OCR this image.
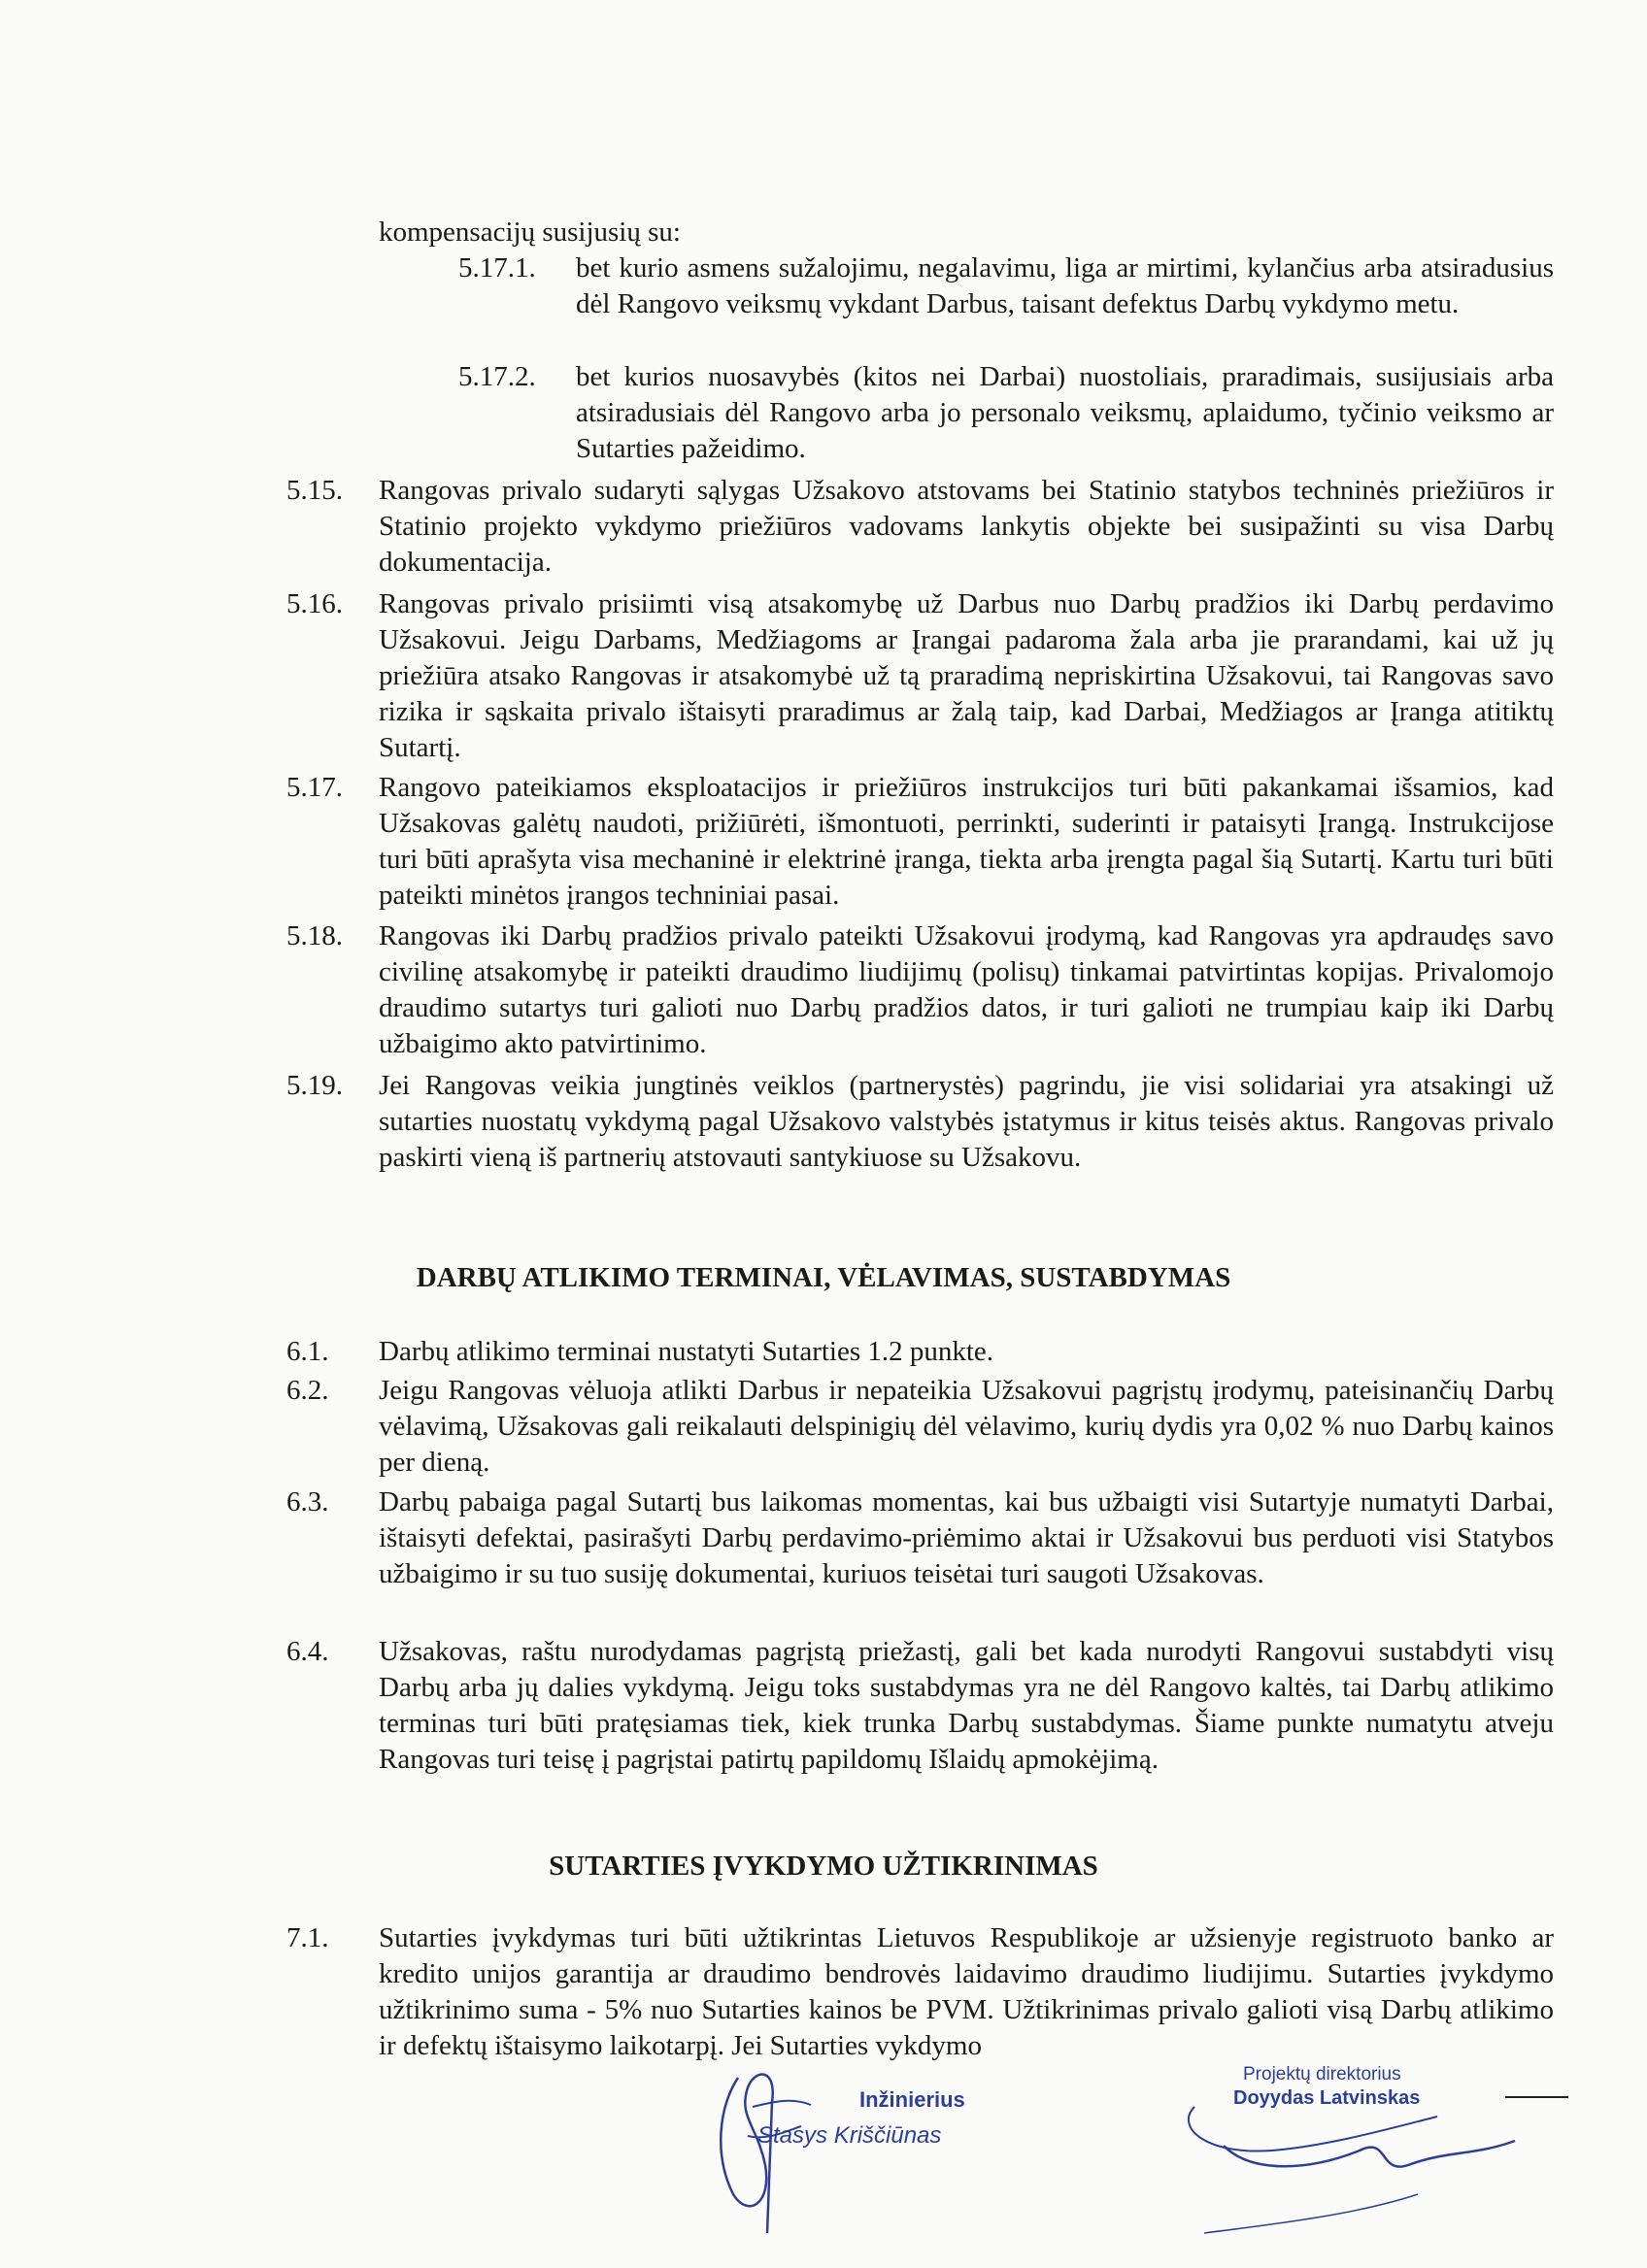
kompensacijų susijusių su:

5.17.1. bet kurio asmens sužalojimu, negalavimu, liga ar mirtimi, kylančius arba atsiradusius dėl Rangovo veiksmų vykdant Darbus, taisant defektus Darbų vykdymo metu.

5.17.2. bet kurios nuosavybės (kitos nei Darbai) nuostoliais, praradimais, susijusiais arba atsiradusiais dėl Rangovo arba jo personalo veiksmų, aplaidumo, tyčinio veiksmo ar Sutarties pažeidimo.

5.15. Rangovas privalo sudaryti sąlygas Užsakovo atstovams bei Statinio statybos techninės priežiūros ir Statinio projekto vykdymo priežiūros vadovams lankytis objekte bei susipažinti su visa Darbų dokumentacija.

5.16. Rangovas privalo prisiimti visą atsakomybę už Darbus nuo Darbų pradžios iki Darbų perdavimo Užsakovui. Jeigu Darbams, Medžiagoms ar Įrangai padaroma žala arba jie prarandami, kai už jų priežiūra atsako Rangovas ir atsakomybė už tą praradimą nepriskirtina Užsakovui, tai Rangovas savo rizika ir sąskaita privalo ištaisyti praradimus ar žalą taip, kad Darbai, Medžiagos ar Įranga atitiktų Sutartį.

5.17. Rangovo pateikiamos eksploatacijos ir priežiūros instrukcijos turi būti pakankamai išsamios, kad Užsakovas galėtų naudoti, prižiūrėti, išmontuoti, perrinkti, suderinti ir pataisyti Įrangą. Instrukcijose turi būti aprašyta visa mechaninė ir elektrinė įranga, tiekta arba įrengta pagal šią Sutartį. Kartu turi būti pateikti minėtos įrangos techniniai pasai.

5.18. Rangovas iki Darbų pradžios privalo pateikti Užsakovui įrodymą, kad Rangovas yra apdraudęs savo civilinę atsakomybę ir pateikti draudimo liudijimų (polisų) tinkamai patvirtintas kopijas. Privalomojo draudimo sutartys turi galioti nuo Darbų pradžios datos, ir turi galioti ne trumpiau kaip iki Darbų užbaigimo akto patvirtinimo.

5.19. Jei Rangovas veikia jungtinės veiklos (partnerystės) pagrindu, jie visi solidariai yra atsakingi už sutarties nuostatų vykdymą pagal Užsakovo valstybės įstatymus ir kitus teisės aktus. Rangovas privalo paskirti vieną iš partnerių atstovauti santykiuose su Užsakovu.

DARBŲ ATLIKIMO TERMINAI, VĖLAVIMAS, SUSTABDYMAS

6.1. Darbų atlikimo terminai nustatyti Sutarties 1.2 punkte.

6.2. Jeigu Rangovas vėluoja atlikti Darbus ir nepateikia Užsakovui pagrįstų įrodymų, pateisinančių Darbų vėlavimą, Užsakovas gali reikalauti delspinigių dėl vėlavimo, kurių dydis yra 0,02 % nuo Darbų kainos per dieną.

6.3. Darbų pabaiga pagal Sutartį bus laikomas momentas, kai bus užbaigti visi Sutartyje numatyti Darbai, ištaisyti defektai, pasirašyti Darbų perdavimo-priėmimo aktai ir Užsakovui bus perduoti visi Statybos užbaigimo ir su tuo susiję dokumentai, kuriuos teisėtai turi saugoti Užsakovas.

6.4. Užsakovas, raštu nurodydamas pagrįstą priežastį, gali bet kada nurodyti Rangovui sustabdyti visų Darbų arba jų dalies vykdymą. Jeigu toks sustabdymas yra ne dėl Rangovo kaltės, tai Darbų atlikimo terminas turi būti pratęsiamas tiek, kiek trunka Darbų sustabdymas. Šiame punkte numatytu atveju Rangovas turi teisę į pagrįstai patirtų papildomų Išlaidų apmokėjimą.

SUTARTIES ĮVYKDYMO UŽTIKRINIMAS

7.1. Sutarties įvykdymas turi būti užtikrintas Lietuvos Respublikoje ar užsienyje registruoto banko ar kredito unijos garantija ar draudimo bendrovės laidavimo draudimo liudijimu. Sutarties įvykdymo užtikrinimo suma - 5% nuo Sutarties kainos be PVM. Užtikrinimas privalo galioti visą Darbų atlikimo ir defektų ištaisymo laikotarpį. Jei Sutarties vykdymo

Inžinierius
Stasys Kriščiūnas
Projektų direktorius
Doyydas Latvinskas
